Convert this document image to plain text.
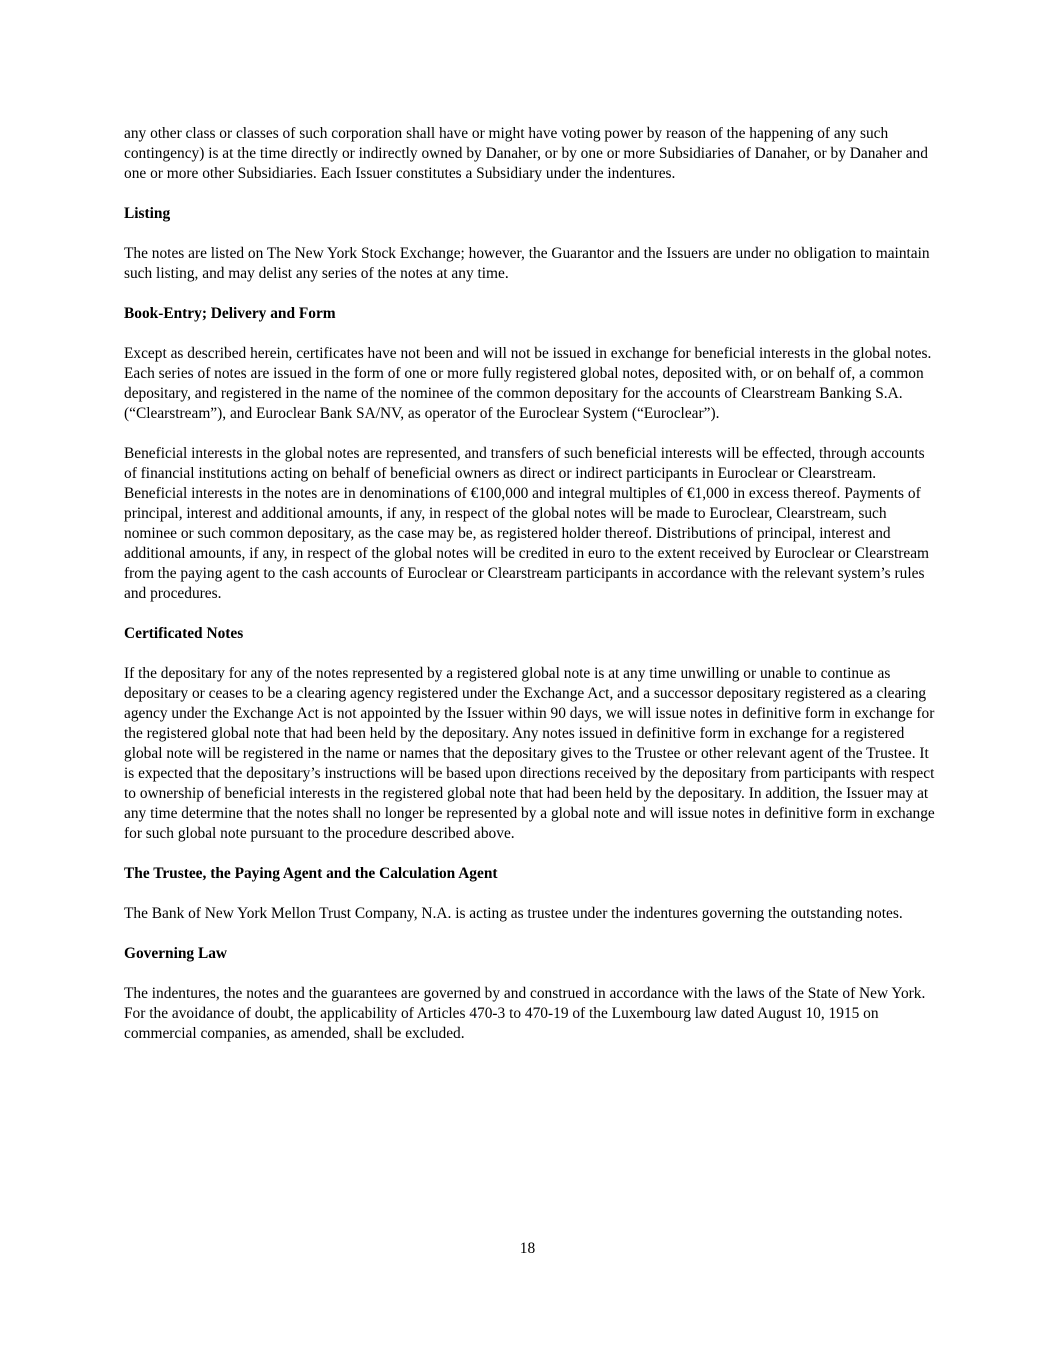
any other class or classes of such corporation shall have or might have voting power by reason of the happening of any such contingency) is at the time directly or indirectly owned by Danaher, or by one or more Subsidiaries of Danaher, or by Danaher and one or more other Subsidiaries. Each Issuer constitutes a Subsidiary under the indentures.

Listing

The notes are listed on The New York Stock Exchange; however, the Guarantor and the Issuers are under no obligation to maintain such listing, and may delist any series of the notes at any time.

Book-Entry; Delivery and Form

Except as described herein, certificates have not been and will not be issued in exchange for beneficial interests in the global notes. Each series of notes are issued in the form of one or more fully registered global notes, deposited with, or on behalf of, a common depositary, and registered in the name of the nominee of the common depositary for the accounts of Clearstream Banking S.A. (“Clearstream”), and Euroclear Bank SA/NV, as operator of the Euroclear System (“Euroclear”).

Beneficial interests in the global notes are represented, and transfers of such beneficial interests will be effected, through accounts of financial institutions acting on behalf of beneficial owners as direct or indirect participants in Euroclear or Clearstream. Beneficial interests in the notes are in denominations of €100,000 and integral multiples of €1,000 in excess thereof. Payments of principal, interest and additional amounts, if any, in respect of the global notes will be made to Euroclear, Clearstream, such nominee or such common depositary, as the case may be, as registered holder thereof. Distributions of principal, interest and additional amounts, if any, in respect of the global notes will be credited in euro to the extent received by Euroclear or Clearstream from the paying agent to the cash accounts of Euroclear or Clearstream participants in accordance with the relevant system’s rules and procedures.

Certificated Notes

If the depositary for any of the notes represented by a registered global note is at any time unwilling or unable to continue as depositary or ceases to be a clearing agency registered under the Exchange Act, and a successor depositary registered as a clearing agency under the Exchange Act is not appointed by the Issuer within 90 days, we will issue notes in definitive form in exchange for the registered global note that had been held by the depositary. Any notes issued in definitive form in exchange for a registered global note will be registered in the name or names that the depositary gives to the Trustee or other relevant agent of the Trustee. It is expected that the depositary’s instructions will be based upon directions received by the depositary from participants with respect to ownership of beneficial interests in the registered global note that had been held by the depositary. In addition, the Issuer may at any time determine that the notes shall no longer be represented by a global note and will issue notes in definitive form in exchange for such global note pursuant to the procedure described above.

The Trustee, the Paying Agent and the Calculation Agent

The Bank of New York Mellon Trust Company, N.A. is acting as trustee under the indentures governing the outstanding notes.

Governing Law

The indentures, the notes and the guarantees are governed by and construed in accordance with the laws of the State of New York. For the avoidance of doubt, the applicability of Articles 470-3 to 470-19 of the Luxembourg law dated August 10, 1915 on commercial companies, as amended, shall be excluded.

18
